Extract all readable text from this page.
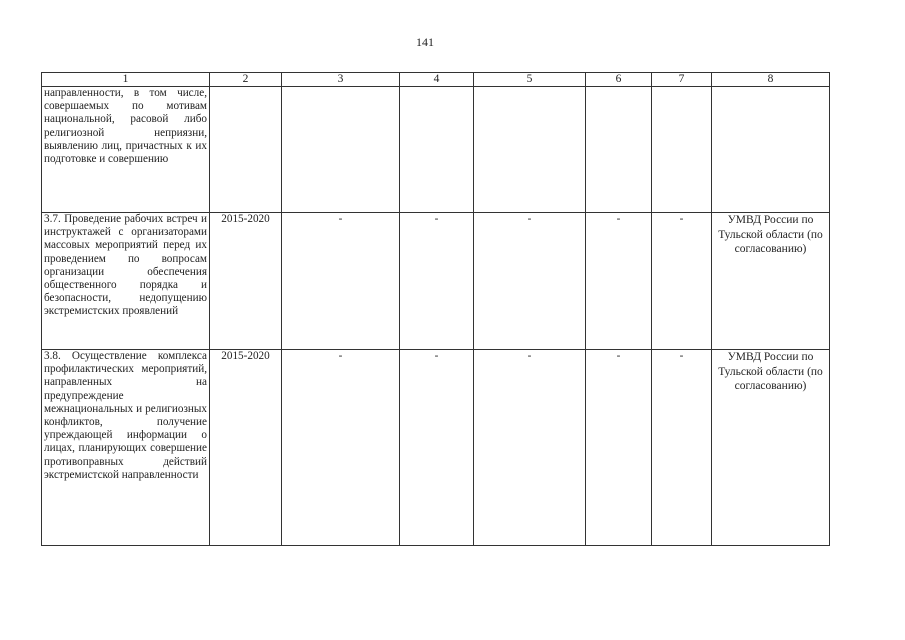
141
1	2	3	4	5	6	7	8
направленности, в том числе, совершаемых по мотивам национальной, расовой либо религиозной неприязни, выявлению лиц, причастных к их подготовке и совершению							
3.7. Проведение рабочих встреч и инструктажей с организаторами массовых мероприятий перед их проведением по вопросам организации обеспечения общественного порядка и безопасности, недопущению экстремистских проявлений	2015-2020	-	-	-	-	-	УМВД России по Тульской области (по согласованию)
3.8. Осуществление комплекса профилактических мероприятий, направленных на предупреждение межнациональных и религиозных конфликтов, получение упреждающей информации о лицах, планирующих совершение противоправных действий экстремистской направленности	2015-2020	-	-	-	-	-	УМВД России по Тульской области (по согласованию)
